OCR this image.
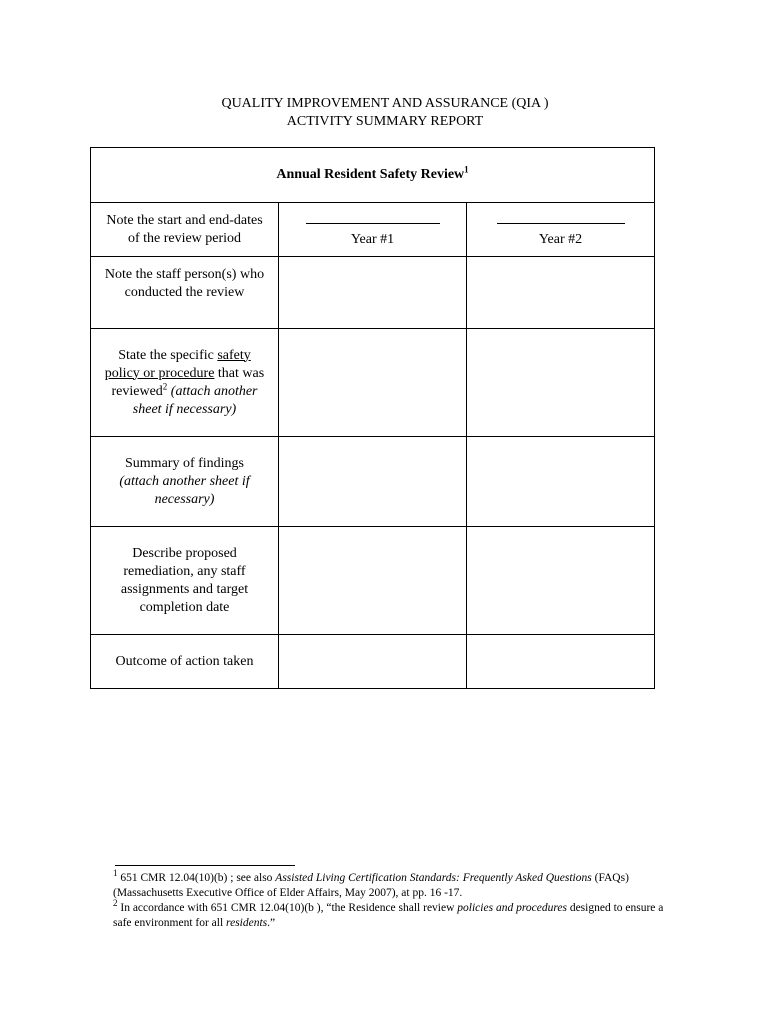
QUALITY IMPROVEMENT AND ASSURANCE (QIA )
ACTIVITY SUMMARY REPORT
Annual Resident Safety Review$^1$

Note the start and end-dates
of the review period	Year #1	Year #2

Note the staff person(s) who
conducted the review		

State the specific safety
policy or procedure that was
reviewed$^2$ (attach another
sheet if necessary)		

Summary of findings
(attach another sheet if
necessary)		

Describe proposed
remediation, any staff
assignments and target
completion date		

Outcome of action taken		

$^1$ 651 CMR 12.04(10)(b) ; see also Assisted Living Certification Standards: Frequently Asked Questions (FAQs) (Massachusetts Executive Office of Elder Affairs, May 2007), at pp. 16 -17.

$^2$ In accordance with 651 CMR 12.04(10)(b ), “the Residence shall review policies and procedures designed to ensure a safe environment for all residents.”
